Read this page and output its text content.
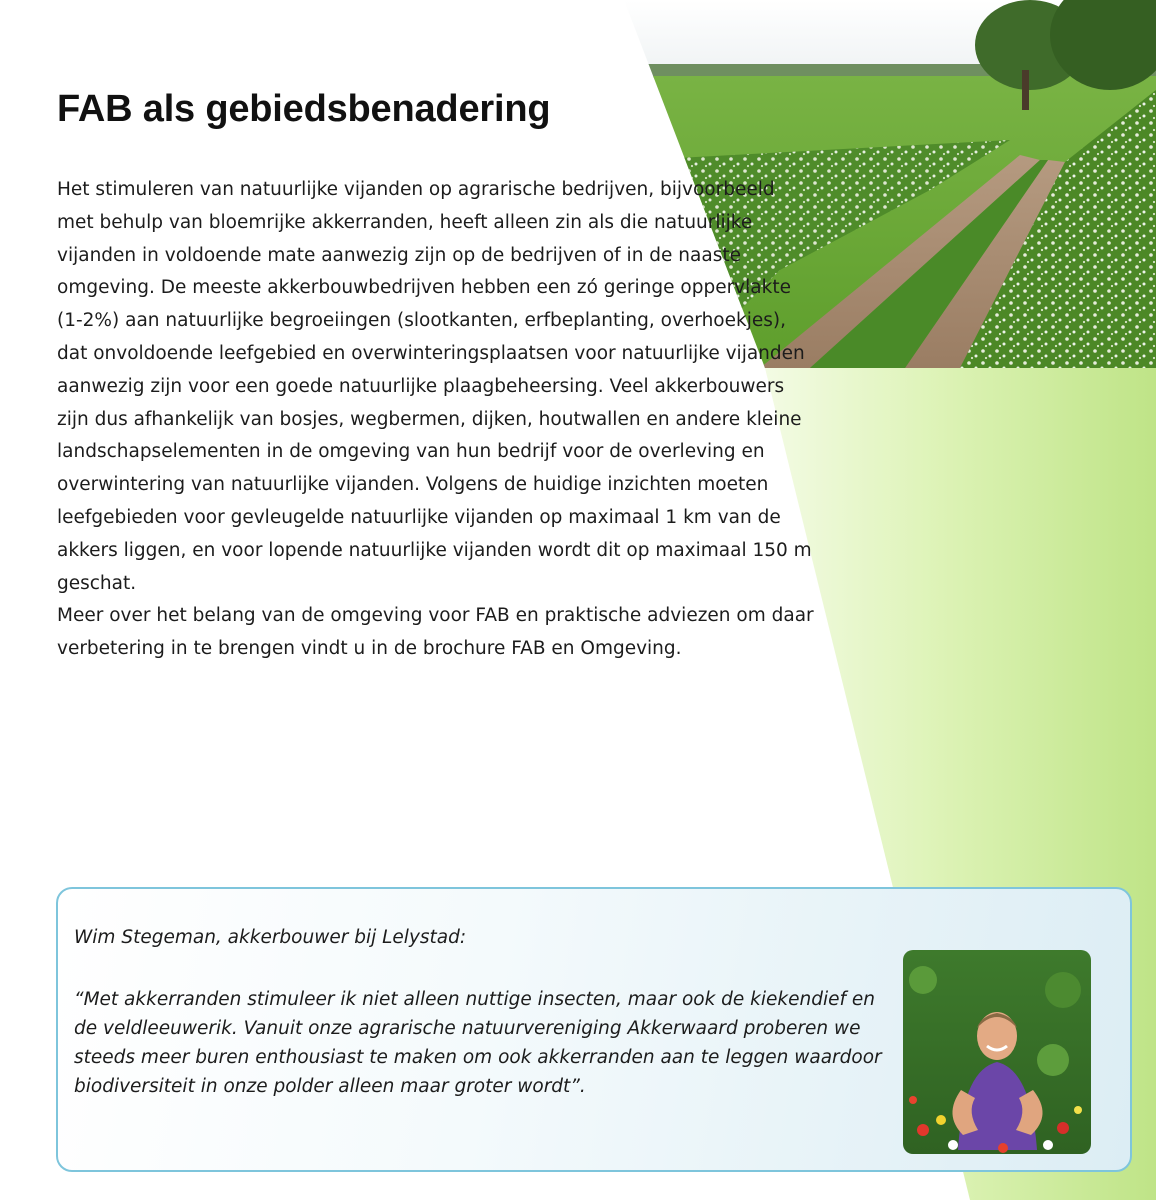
FAB als gebiedsbenadering

Het stimuleren van natuurlijke vijanden op agrarische bedrijven, bijvoorbeeld met behulp van bloemrijke akkerranden, heeft alleen zin als die natuurlijke vijanden in voldoende mate aanwezig zijn op de bedrijven of in de naaste omgeving. De meeste akkerbouwbedrijven hebben een zó geringe oppervlakte (1-2%) aan natuurlijke begroeiingen (slootkanten, erfbeplanting, overhoekjes), dat onvoldoende leefgebied en overwinteringsplaatsen voor natuurlijke vijanden aanwezig zijn voor een goede natuurlijke plaagbeheersing. Veel akkerbouwers zijn dus afhankelijk van bosjes, wegbermen, dijken, houtwallen en andere kleine landschapselementen in de omgeving van hun bedrijf voor de overleving en overwintering van natuurlijke vijanden. Volgens de huidige inzichten moeten leefgebieden voor gevleugelde natuurlijke vijanden op maximaal 1 km van de akkers liggen, en voor lopende natuurlijke vijanden wordt dit op maximaal 150 m geschat.

Meer over het belang van de omgeving voor FAB en praktische adviezen om daar verbetering in te brengen vindt u in de brochure FAB en Omgeving.

Wim Stegeman, akkerbouwer bij Lelystad:

“Met akkerranden stimuleer ik niet alleen nuttige insecten, maar ook de kiekendief en de veldleeuwerik. Vanuit onze agrarische natuurvereniging Akkerwaard proberen we steeds meer buren enthousiast te maken om ook akkerranden aan te leggen waardoor biodiversiteit in onze polder alleen maar groter wordt”.
